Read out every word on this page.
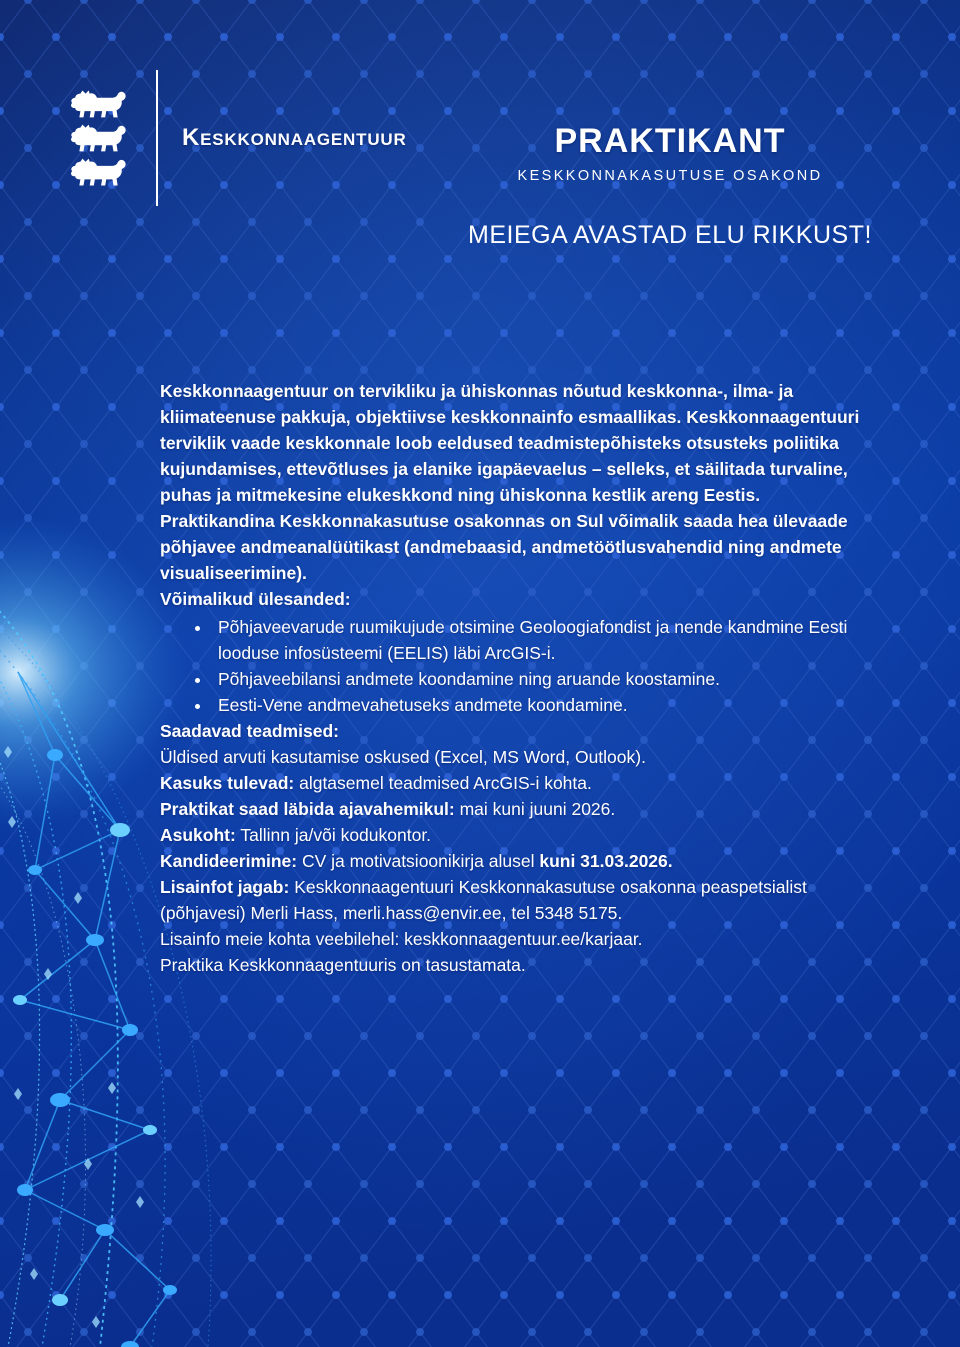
Keskkonnaagentuur	PRAKTIKANT
KESKKONNAKASUTUSE OSAKOND
MEIEGA AVASTAD ELU RIKKUST!

Keskkonnaagentuur on tervikliku ja ühiskonnas nõutud keskkonna-, ilma- ja kliimateenuse pakkuja, objektiivse keskkonnainfo esmaallikas. Keskkonnaagentuuri terviklik vaade keskkonnale loob eeldused teadmistepõhisteks otsusteks poliitika kujundamises, ettevõtluses ja elanike igapäevaelus – selleks, et säilitada turvaline, puhas ja mitmekesine elukeskkond ning ühiskonna kestlik areng Eestis.

Praktikandina Keskkonnakasutuse osakonnas on Sul võimalik saada hea ülevaade põhjavee andmeanalüütikast (andmebaasid, andmetöötlusvahendid ning andmete visualiseerimine).

Võimalikud ülesanded:
• Põhjaveevarude ruumikujude otsimine Geoloogiafondist ja nende kandmine Eesti looduse infosüsteemi (EELIS) läbi ArcGIS-i.
• Põhjaveebilansi andmete koondamine ning aruande koostamine.
• Eesti-Vene andmevahetuseks andmete koondamine.
Saadavad teadmised:

Üldised arvuti kasutamise oskused (Excel, MS Word, Outlook).

Kasuks tulevad: algtasemel teadmised ArcGIS-i kohta.

Praktikat saad läbida ajavahemikul: mai kuni juuni 2026.

Asukoht: Tallinn ja/või kodukontor.

Kandideerimine: CV ja motivatsioonikirja alusel kuni 31.03.2026.

Lisainfot jagab: Keskkonnaagentuuri Keskkonnakasutuse osakonna peaspetsialist (põhjavesi) Merli Hass, merli.hass@envir.ee, tel 5348 5175.

Lisainfo meie kohta veebilehel: keskkonnaagentuur.ee/karjaar.

Praktika Keskkonnaagentuuris on tasustamata.
